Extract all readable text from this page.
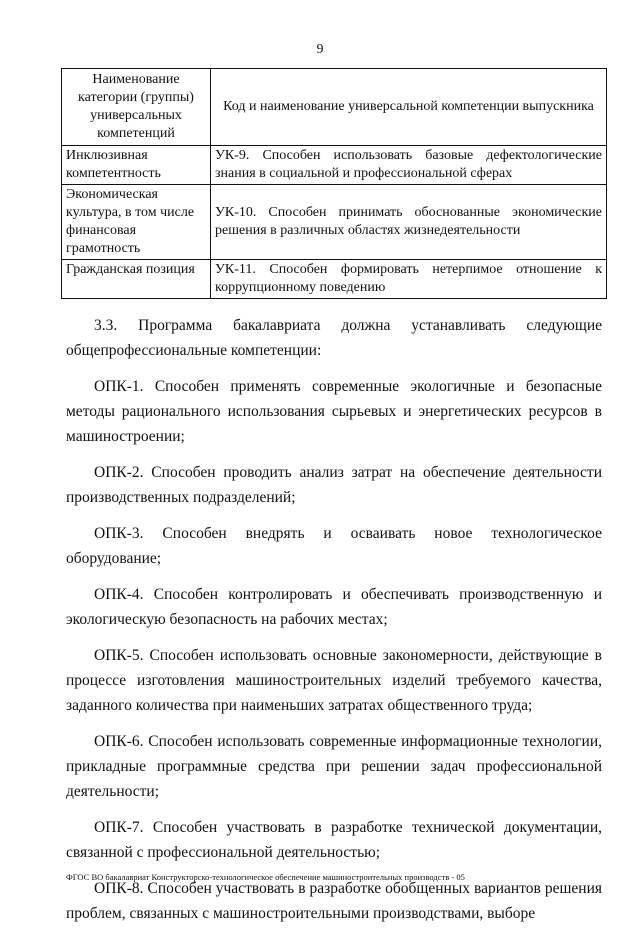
9
Наименование категории (группы) универсальных компетенций	Код и наименование универсальной компетенции выпускника
Инклюзивная компетентность	УК-9. Способен использовать базовые дефектологические знания в социальной и профессиональной сферах
Экономическая культура, в том числе финансовая грамотность	УК-10. Способен принимать обоснованные экономические решения в различных областях жизнедеятельности
Гражданская позиция	УК-11. Способен формировать нетерпимое отношение к коррупционному поведению

3.3. Программа бакалавриата должна устанавливать следующие общепрофессиональные компетенции:

ОПК-1. Способен применять современные экологичные и безопасные методы рационального использования сырьевых и энергетических ресурсов в машиностроении;

ОПК-2. Способен проводить анализ затрат на обеспечение деятельности производственных подразделений;

ОПК-3. Способен внедрять и осваивать новое технологическое оборудование;

ОПК-4. Способен контролировать и обеспечивать производственную и экологическую безопасность на рабочих местах;

ОПК-5. Способен использовать основные закономерности, действующие в процессе изготовления машиностроительных изделий требуемого качества, заданного количества при наименьших затратах общественного труда;

ОПК-6. Способен использовать современные информационные технологии, прикладные программные средства при решении задач профессиональной деятельности;

ОПК-7. Способен участвовать в разработке технической документации, связанной с профессиональной деятельностью;

ОПК-8. Способен участвовать в разработке обобщенных вариантов решения проблем, связанных с машиностроительными производствами, выборе

ФГОС ВО бакалавриат Конструкторско-технологическое обеспечение машиностроительных производств - 05
